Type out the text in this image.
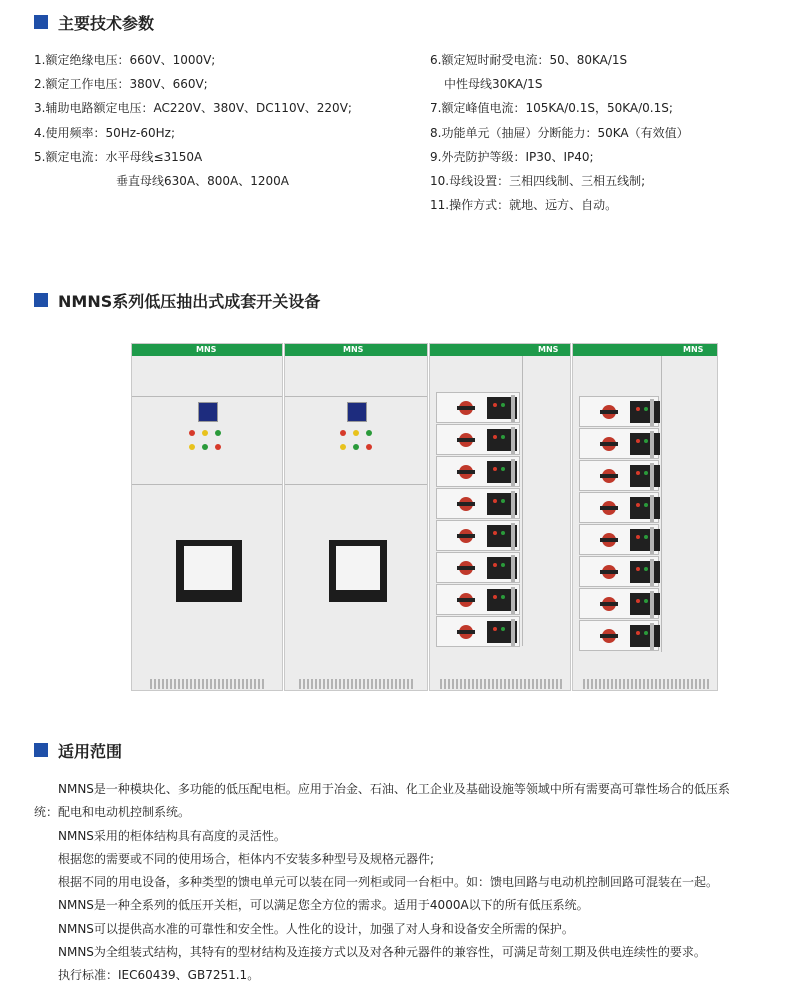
主要技术参数
1.额定绝缘电压：660V、1000V;
2.额定工作电压：380V、660V;
3.辅助电路额定电压：AC220V、380V、DC110V、220V;
4.使用频率：50Hz-60Hz;
5.额定电流：水平母线≤3150A
垂直母线630A、800A、1200A
6.额定短时耐受电流：50、80KA/1S
中性母线30KA/1S
7.额定峰值电流：105KA/0.1S，50KA/0.1S;
8.功能单元（抽屉）分断能力：50KA（有效值）
9.外壳防护等级：IP30、IP40;
10.母线设置：三相四线制、三相五线制;
11.操作方式：就地、远方、自动。
NMNS系列低压抽出式成套开关设备
MNS	MNS	MNS	MNS
适用范围

NMNS是一种模块化、多功能的低压配电柜。应用于冶金、石油、化工企业及基础设施等领域中所有需要高可靠性场合的低压系

统：配电和电动机控制系统。

NMNS采用的柜体结构具有高度的灵活性。

根据您的需要或不同的使用场合，柜体内不安装多种型号及规格元器件;

根据不同的用电设备，多种类型的馈电单元可以装在同一列柜或同一台柜中。如：馈电回路与电动机控制回路可混装在一起。

NMNS是一种全系列的低压开关柜，可以满足您全方位的需求。适用于4000A以下的所有低压系统。

NMNS可以提供高水准的可靠性和安全性。人性化的设计，加强了对人身和设备安全所需的保护。

NMNS为全组装式结构，其特有的型材结构及连接方式以及对各种元器件的兼容性，可满足苛刻工期及供电连续性的要求。

执行标准：IEC60439、GB7251.1。
